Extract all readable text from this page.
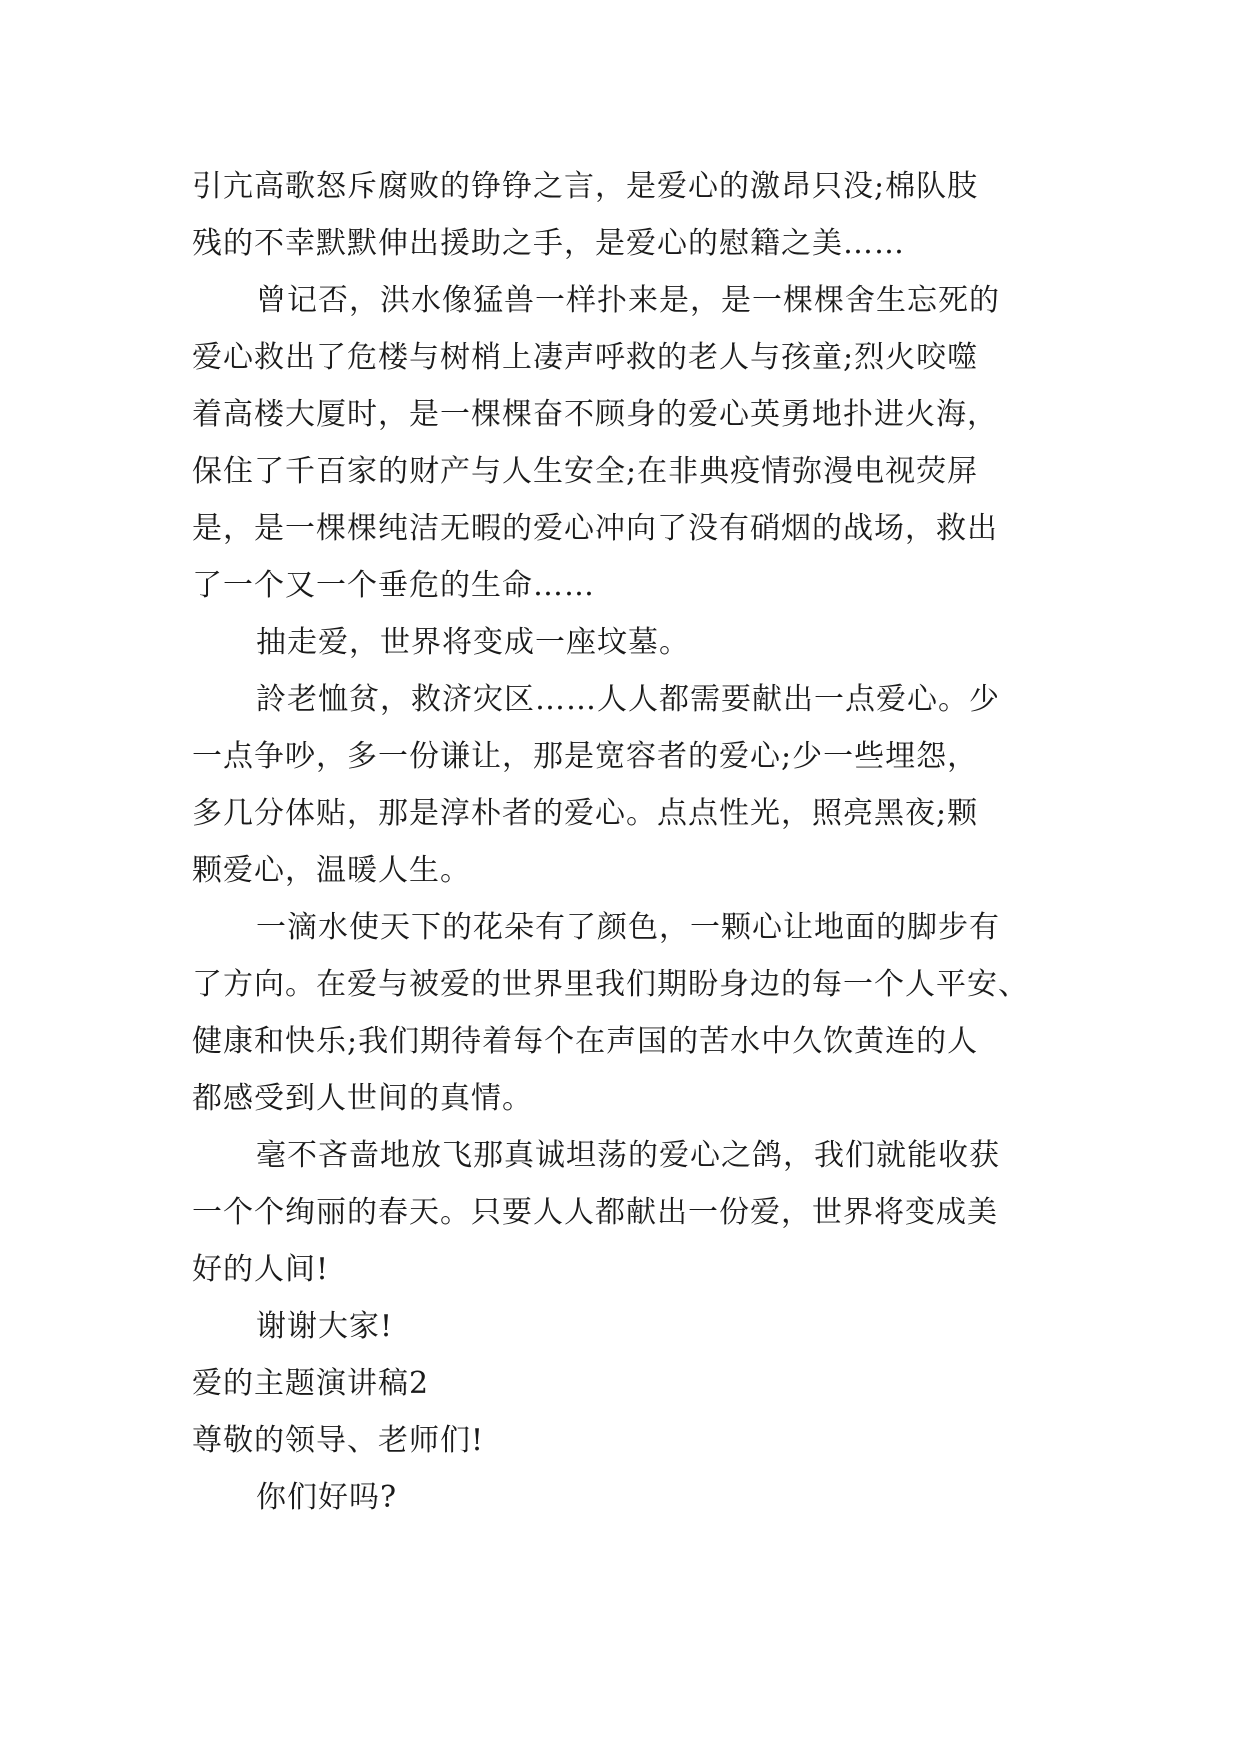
引亢高歌怒斥腐败的铮铮之言，是爱心的激昂只没;棉队肢
残的不幸默默伸出援助之手，是爱心的慰籍之美……
曾记否，洪水像猛兽一样扑来是，是一棵棵舍生忘死的
爱心救出了危楼与树梢上凄声呼救的老人与孩童;烈火咬噬
着高楼大厦时，是一棵棵奋不顾身的爱心英勇地扑进火海，
保住了千百家的财产与人生安全;在非典疫情弥漫电视荧屏
是，是一棵棵纯洁无暇的爱心冲向了没有硝烟的战场，救出
了一个又一个垂危的生命……
抽走爱，世界将变成一座坟墓。
詅老恤贫，救济灾区……人人都需要献出一点爱心。少
一点争吵，多一份谦让，那是宽容者的爱心;少一些埋怨，
多几分体贴，那是淳朴者的爱心。点点性光，照亮黑夜;颗
颗爱心，温暖人生。
一滴水使天下的花朵有了颜色，一颗心让地面的脚步有
了方向。在爱与被爱的世界里我们期盼身边的每一个人平安、
健康和快乐;我们期待着每个在声国的苦水中久饮黄连的人
都感受到人世间的真情。
毫不吝啬地放飞那真诚坦荡的爱心之鸽，我们就能收获
一个个绚丽的春天。只要人人都献出一份爱，世界将变成美
好的人间!
谢谢大家!
爱的主题演讲稿2
尊敬的领导、老师们!
你们好吗?
